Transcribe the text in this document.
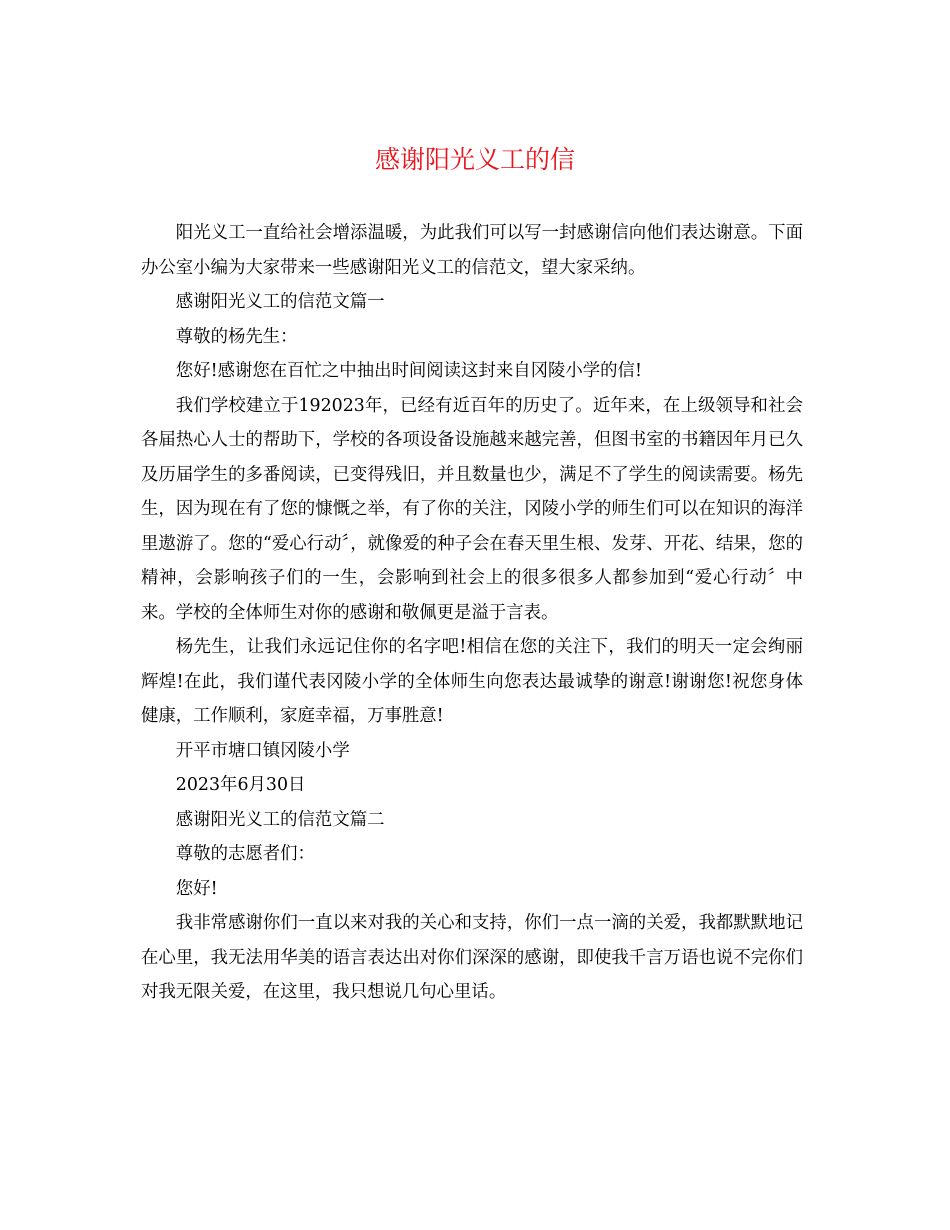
感谢阳光义工的信

阳光义工一直给社会增添温暖，为此我们可以写一封感谢信向他们表达谢意。下面办公室小编为大家带来一些感谢阳光义工的信范文，望大家采纳。

感谢阳光义工的信范文篇一

尊敬的杨先生：

您好!感谢您在百忙之中抽出时间阅读这封来自冈陵小学的信!

我们学校建立于192023年，已经有近百年的历史了。近年来，在上级领导和社会各届热心人士的帮助下，学校的各项设备设施越来越完善，但图书室的书籍因年月已久及历届学生的多番阅读，已变得残旧，并且数量也少，满足不了学生的阅读需要。杨先生，因为现在有了您的慷慨之举，有了你的关注，冈陵小学的师生们可以在知识的海洋里遨游了。您的“爱心行动〞，就像爱的种子会在春天里生根、发芽、开花、结果，您的精神，会影响孩子们的一生，会影响到社会上的很多很多人都参加到“爱心行动〞中来。学校的全体师生对你的感谢和敬佩更是溢于言表。

杨先生，让我们永远记住你的名字吧!相信在您的关注下，我们的明天一定会绚丽辉煌!在此，我们谨代表冈陵小学的全体师生向您表达最诚挚的谢意!谢谢您!祝您身体健康，工作顺利，家庭幸福，万事胜意!

开平市塘口镇冈陵小学

2023年6月30日

感谢阳光义工的信范文篇二

尊敬的志愿者们：

您好!

我非常感谢你们一直以来对我的关心和支持，你们一点一滴的关爱，我都默默地记在心里，我无法用华美的语言表达出对你们深深的感谢，即使我千言万语也说不完你们对我无限关爱，在这里，我只想说几句心里话。
